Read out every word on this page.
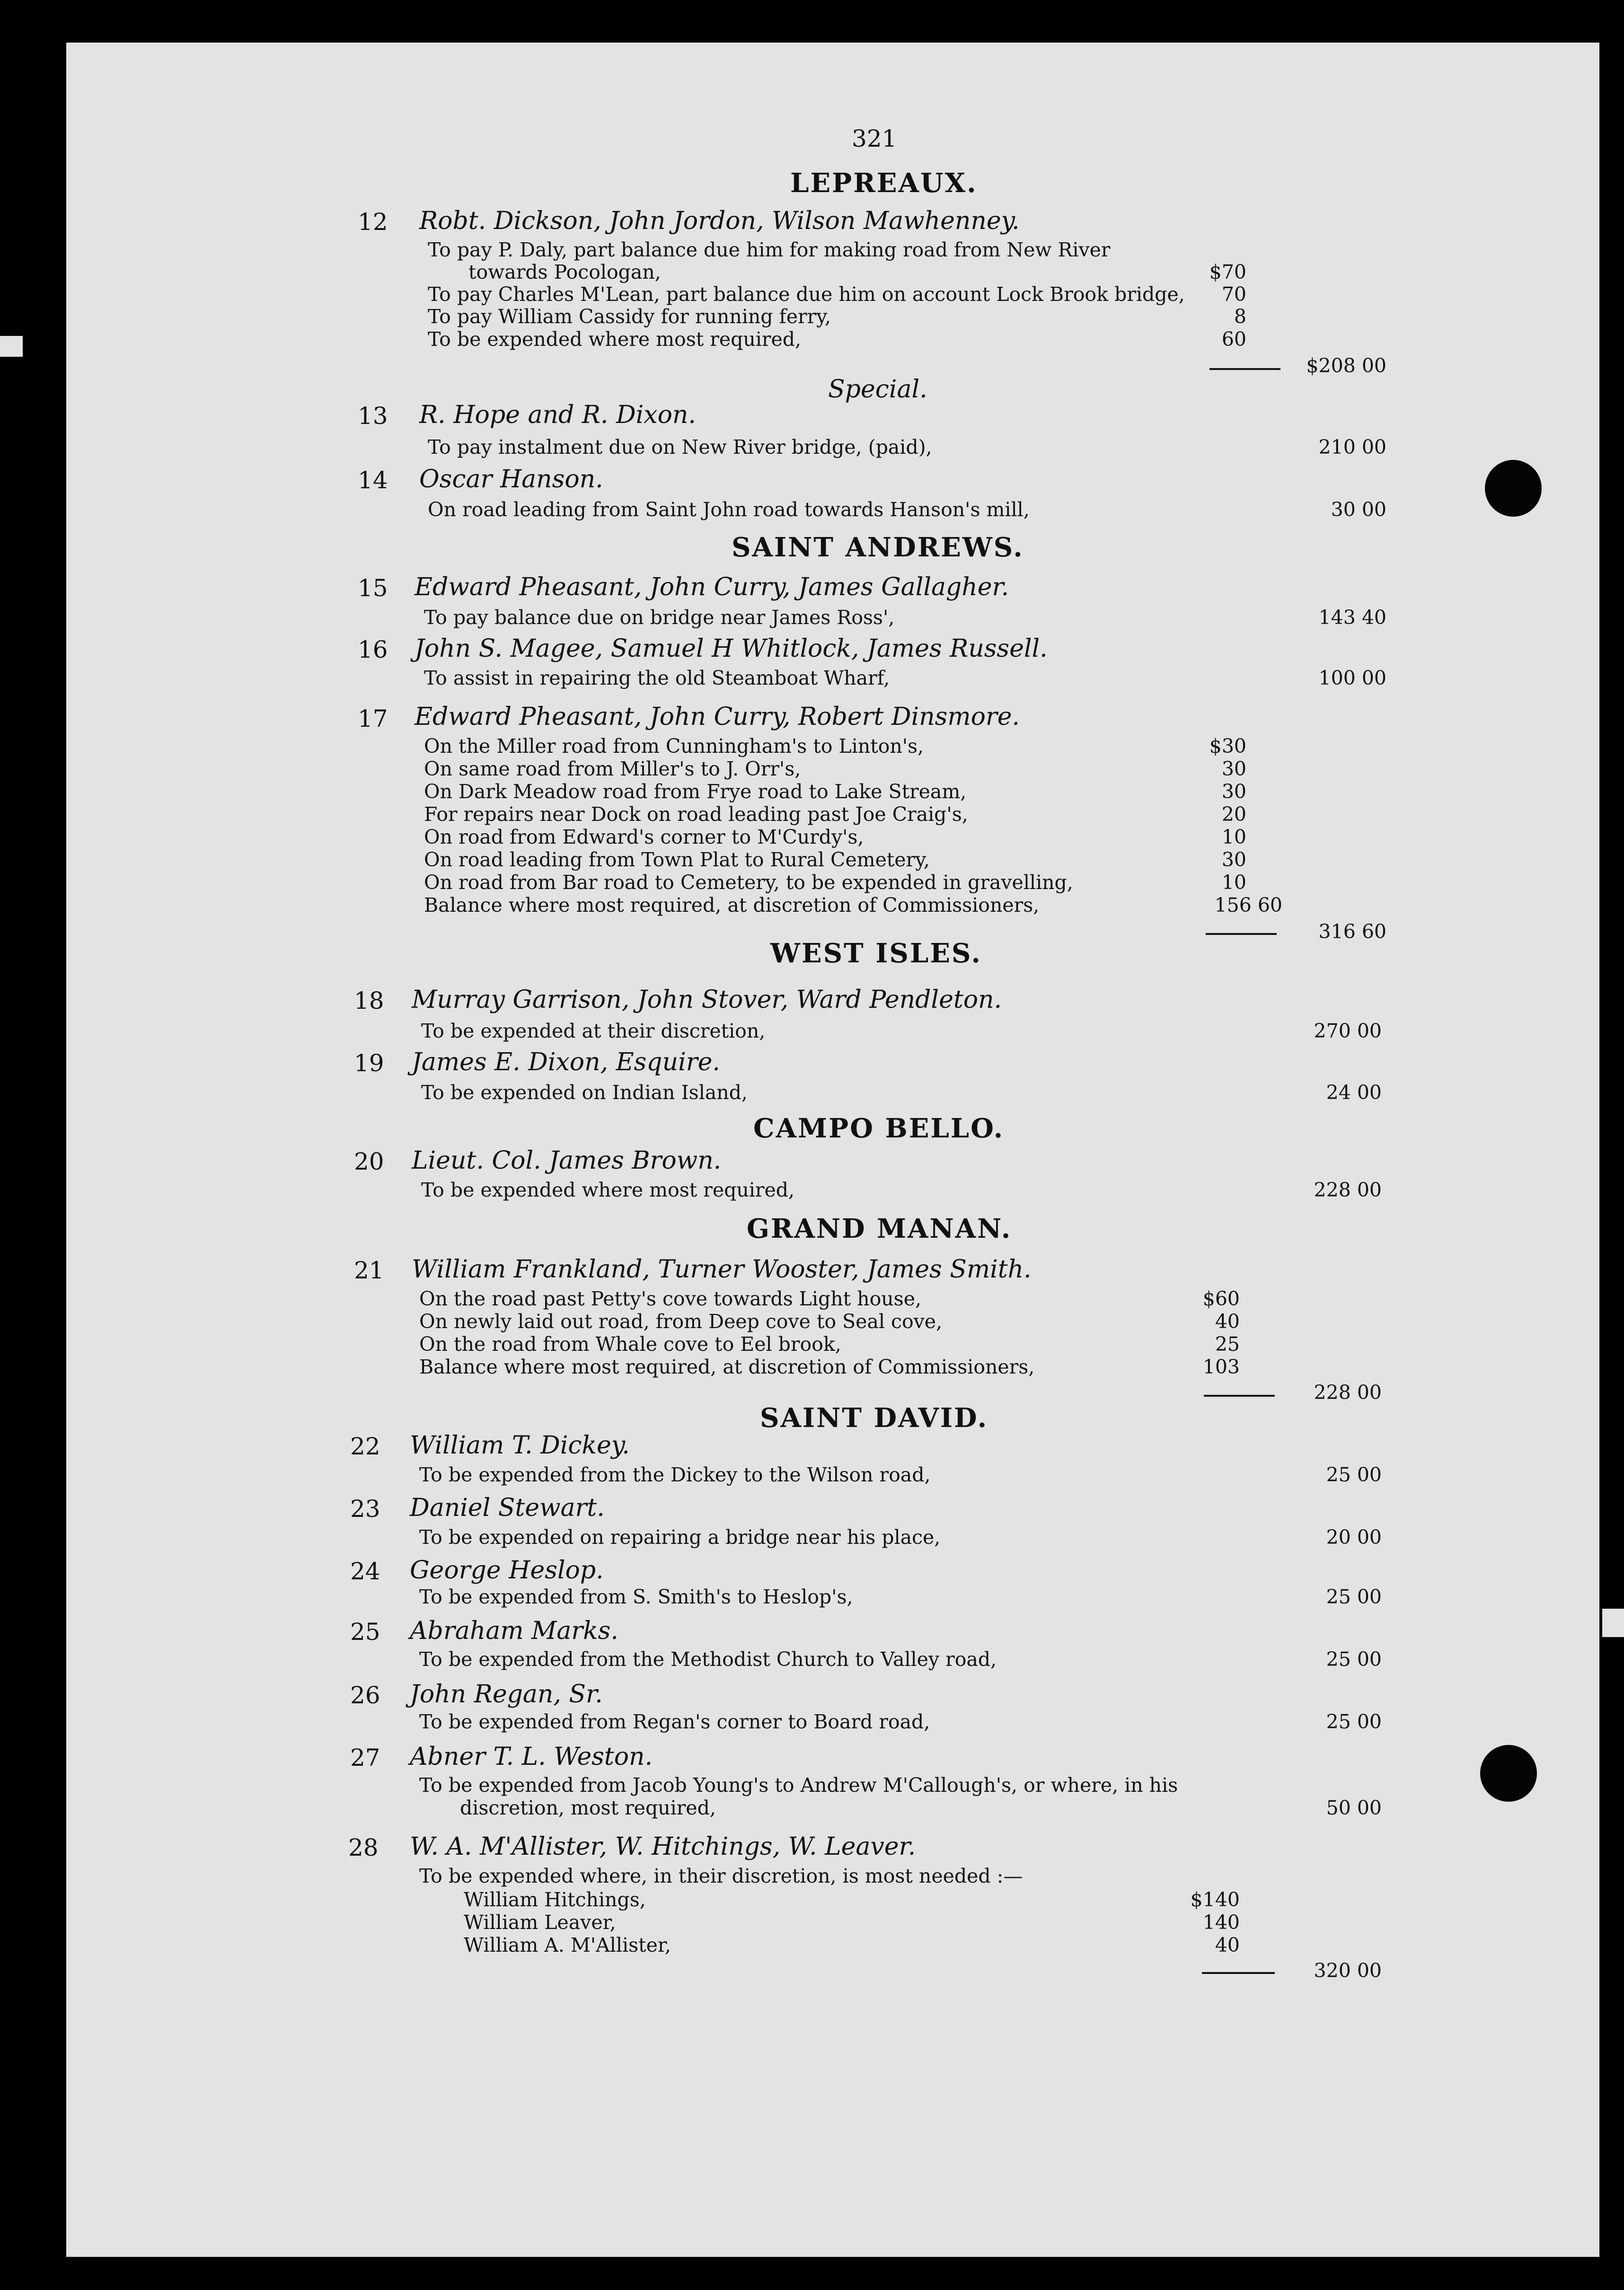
321
LEPREAUX.
12 Robt. Dickson, John Jordon, Wilson Mawhenney.
To pay P. Daly, part balance due him for making road from New River
towards Pocologan,	$70
To pay Charles M'Lean, part balance due him on account Lock Brook bridge,	70
To pay William Cassidy for running ferry,	8
To be expended where most required,	60
$208 00
Special.
13 R. Hope and R. Dixon.
To pay instalment due on New River bridge, (paid),	210 00
14 Oscar Hanson.
On road leading from Saint John road towards Hanson's mill,	30 00
SAINT ANDREWS.
15 Edward Pheasant, John Curry, James Gallagher.
To pay balance due on bridge near James Ross',	143 40
16 John S. Magee, Samuel H Whitlock, James Russell.
To assist in repairing the old Steamboat Wharf,	100 00
17 Edward Pheasant, John Curry, Robert Dinsmore.
On the Miller road from Cunningham's to Linton's,	$30
On same road from Miller's to J. Orr's,	30
On Dark Meadow road from Frye road to Lake Stream,	30
For repairs near Dock on road leading past Joe Craig's,	20
On road from Edward's corner to M'Curdy's,	10
On road leading from Town Plat to Rural Cemetery,	30
On road from Bar road to Cemetery, to be expended in gravelling,	10
Balance where most required, at discretion of Commissioners,	156 60
316 60
WEST ISLES.
18 Murray Garrison, John Stover, Ward Pendleton.
To be expended at their discretion,	270 00
19 James E. Dixon, Esquire.
To be expended on Indian Island,	24 00
CAMPO BELLO.
20 Lieut. Col. James Brown.
To be expended where most required,	228 00
GRAND MANAN.
21 William Frankland, Turner Wooster, James Smith.
On the road past Petty's cove towards Light house,	$60
On newly laid out road, from Deep cove to Seal cove,	40
On the road from Whale cove to Eel brook,	25
Balance where most required, at discretion of Commissioners,	103
228 00
SAINT DAVID.
22 William T. Dickey.
To be expended from the Dickey to the Wilson road,	25 00
23 Daniel Stewart.
To be expended on repairing a bridge near his place,	20 00
24 George Heslop.
To be expended from S. Smith's to Heslop's,	25 00
25 Abraham Marks.
To be expended from the Methodist Church to Valley road,	25 00
26 John Regan, Sr.
To be expended from Regan's corner to Board road,	25 00
27 Abner T. L. Weston.
To be expended from Jacob Young's to Andrew M'Callough's, or where, in his
discretion, most required,	50 00
28 W. A. M'Allister, W. Hitchings, W. Leaver.
To be expended where, in their discretion, is most needed :—
William Hitchings,	$140
William Leaver,	140
William A. M'Allister,	40
320 00
